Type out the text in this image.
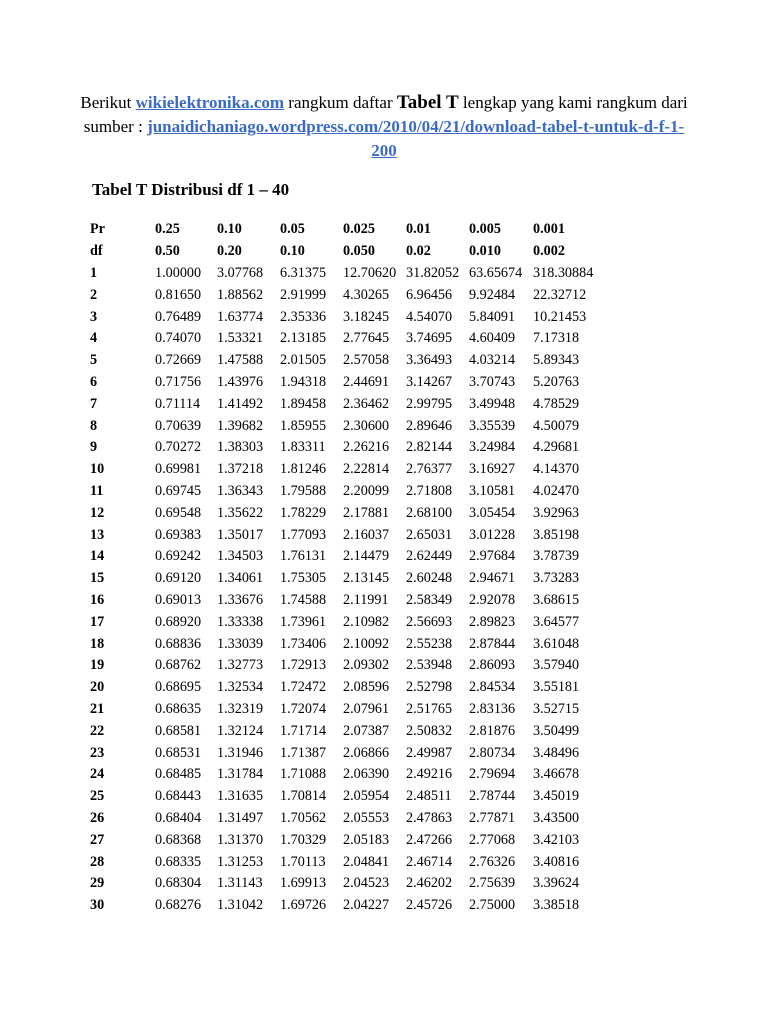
Berikut wikielektronika.com rangkum daftar Tabel T lengkap yang kami rangkum dari sumber : junaidichaniago.wordpress.com/2010/04/21/download-tabel-t-untuk-d-f-1-200
Tabel T Distribusi df 1 – 40
Pr	0.25	0.10	0.05	0.025	0.01	0.005	0.001
df	0.50	0.20	0.10	0.050	0.02	0.010	0.002
1	1.00000	3.07768	6.31375	12.70620	31.82052	63.65674	318.30884
2	0.81650	1.88562	2.91999	4.30265	6.96456	9.92484	22.32712
3	0.76489	1.63774	2.35336	3.18245	4.54070	5.84091	10.21453
4	0.74070	1.53321	2.13185	2.77645	3.74695	4.60409	7.17318
5	0.72669	1.47588	2.01505	2.57058	3.36493	4.03214	5.89343
6	0.71756	1.43976	1.94318	2.44691	3.14267	3.70743	5.20763
7	0.71114	1.41492	1.89458	2.36462	2.99795	3.49948	4.78529
8	0.70639	1.39682	1.85955	2.30600	2.89646	3.35539	4.50079
9	0.70272	1.38303	1.83311	2.26216	2.82144	3.24984	4.29681
10	0.69981	1.37218	1.81246	2.22814	2.76377	3.16927	4.14370
11	0.69745	1.36343	1.79588	2.20099	2.71808	3.10581	4.02470
12	0.69548	1.35622	1.78229	2.17881	2.68100	3.05454	3.92963
13	0.69383	1.35017	1.77093	2.16037	2.65031	3.01228	3.85198
14	0.69242	1.34503	1.76131	2.14479	2.62449	2.97684	3.78739
15	0.69120	1.34061	1.75305	2.13145	2.60248	2.94671	3.73283
16	0.69013	1.33676	1.74588	2.11991	2.58349	2.92078	3.68615
17	0.68920	1.33338	1.73961	2.10982	2.56693	2.89823	3.64577
18	0.68836	1.33039	1.73406	2.10092	2.55238	2.87844	3.61048
19	0.68762	1.32773	1.72913	2.09302	2.53948	2.86093	3.57940
20	0.68695	1.32534	1.72472	2.08596	2.52798	2.84534	3.55181
21	0.68635	1.32319	1.72074	2.07961	2.51765	2.83136	3.52715
22	0.68581	1.32124	1.71714	2.07387	2.50832	2.81876	3.50499
23	0.68531	1.31946	1.71387	2.06866	2.49987	2.80734	3.48496
24	0.68485	1.31784	1.71088	2.06390	2.49216	2.79694	3.46678
25	0.68443	1.31635	1.70814	2.05954	2.48511	2.78744	3.45019
26	0.68404	1.31497	1.70562	2.05553	2.47863	2.77871	3.43500
27	0.68368	1.31370	1.70329	2.05183	2.47266	2.77068	3.42103
28	0.68335	1.31253	1.70113	2.04841	2.46714	2.76326	3.40816
29	0.68304	1.31143	1.69913	2.04523	2.46202	2.75639	3.39624
30	0.68276	1.31042	1.69726	2.04227	2.45726	2.75000	3.38518
